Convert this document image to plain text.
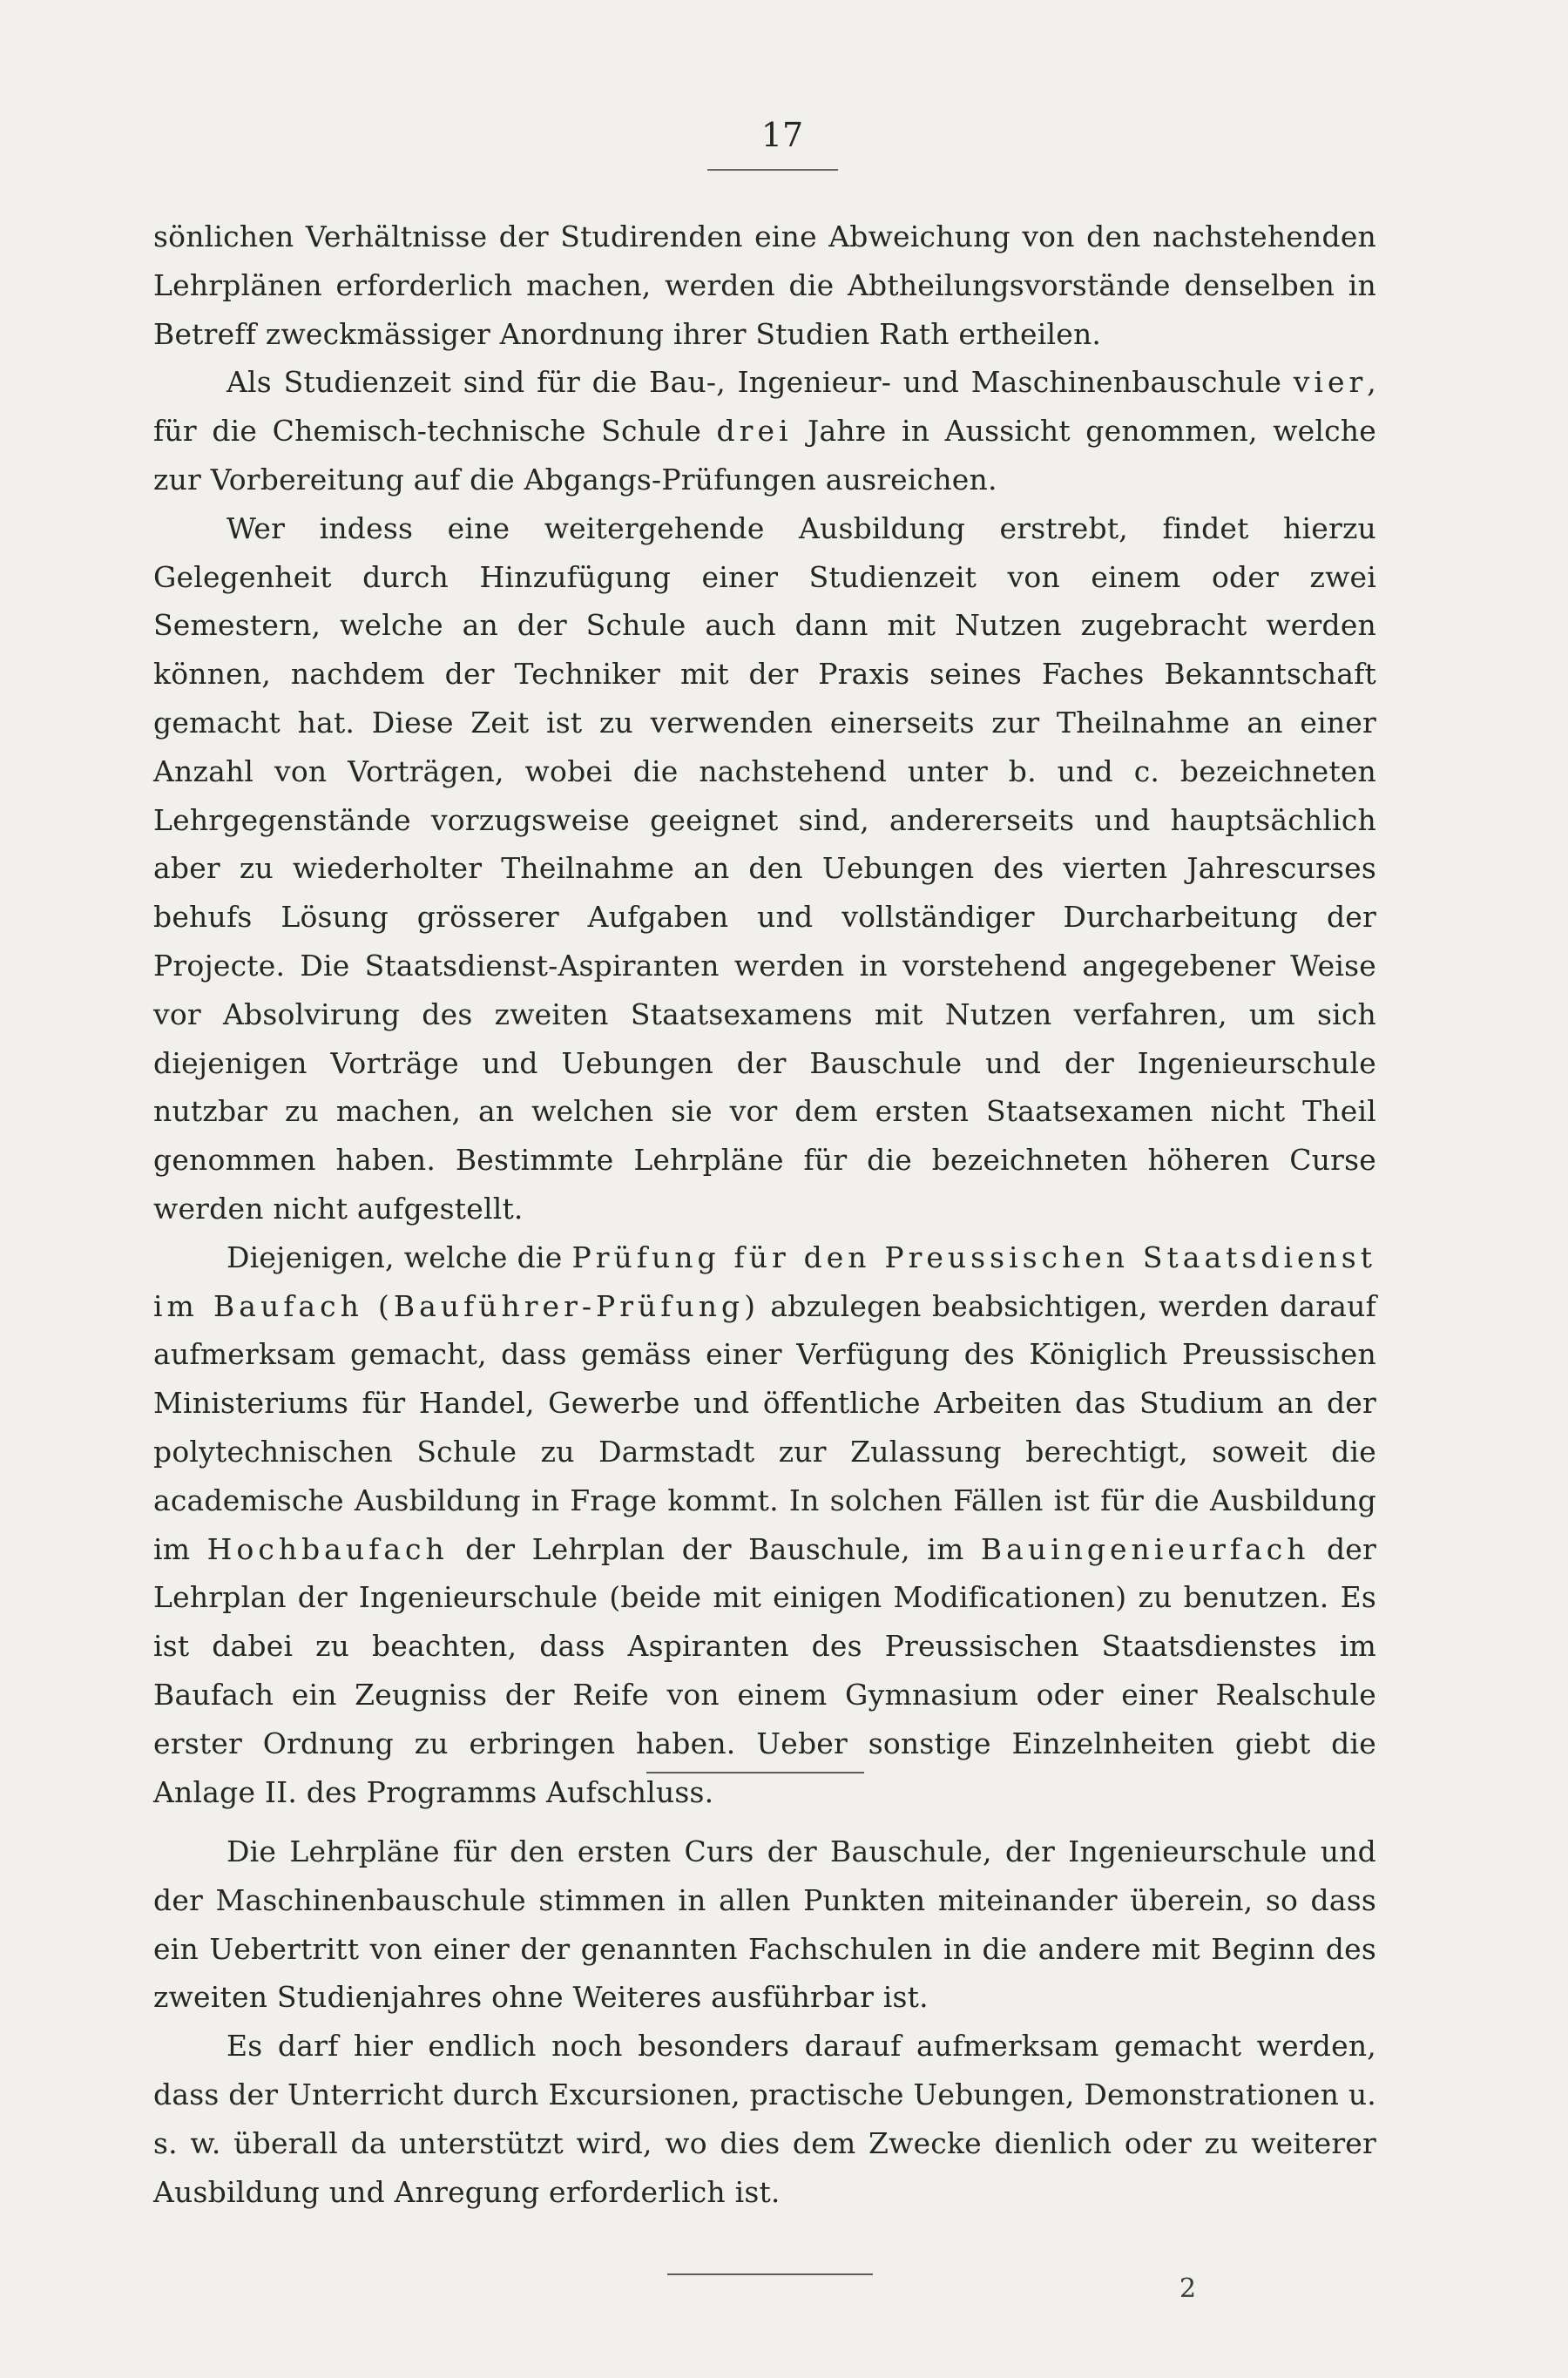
17

sönlichen Verhältnisse der Studirenden eine Abweichung von den nachstehenden Lehrplänen erforderlich machen, werden die Abtheilungsvorstände denselben in Betreff zweckmässiger Anordnung ihrer Studien Rath ertheilen.

Als Studienzeit sind für die Bau-, Ingenieur- und Maschinenbauschule vier, für die Chemisch-technische Schule drei Jahre in Aussicht genommen, welche zur Vorbereitung auf die Abgangs-Prüfungen ausreichen.

Wer indess eine weitergehende Ausbildung erstrebt, findet hierzu Gelegenheit durch Hinzufügung einer Studienzeit von einem oder zwei Semestern, welche an der Schule auch dann mit Nutzen zugebracht werden können, nachdem der Techniker mit der Praxis seines Faches Bekanntschaft gemacht hat. Diese Zeit ist zu verwenden einerseits zur Theilnahme an einer Anzahl von Vorträgen, wobei die nachstehend unter b. und c. bezeichneten Lehrgegenstände vorzugsweise geeignet sind, andererseits und hauptsächlich aber zu wiederholter Theilnahme an den Uebungen des vierten Jahrescurses behufs Lösung grösserer Aufgaben und vollständiger Durcharbeitung der Projecte. Die Staatsdienst-Aspiranten werden in vorstehend angegebener Weise vor Absolvirung des zweiten Staatsexamens mit Nutzen verfahren, um sich diejenigen Vorträge und Uebungen der Bauschule und der Ingenieurschule nutzbar zu machen, an welchen sie vor dem ersten Staatsexamen nicht Theil genommen haben. Bestimmte Lehrpläne für die bezeichneten höheren Curse werden nicht aufgestellt.

Diejenigen, welche die Prüfung für den Preussischen Staatsdienst im Baufach (Bauführer-Prüfung) abzulegen beabsichtigen, werden darauf aufmerksam gemacht, dass gemäss einer Verfügung des Königlich Preussischen Ministeriums für Handel, Gewerbe und öffentliche Arbeiten das Studium an der polytechnischen Schule zu Darmstadt zur Zulassung berechtigt, soweit die academische Ausbildung in Frage kommt. In solchen Fällen ist für die Ausbildung im Hochbaufach der Lehrplan der Bauschule, im Bauingenieurfach der Lehrplan der Ingenieurschule (beide mit einigen Modificationen) zu benutzen. Es ist dabei zu beachten, dass Aspiranten des Preussischen Staatsdienstes im Baufach ein Zeugniss der Reife von einem Gymnasium oder einer Realschule erster Ordnung zu erbringen haben. Ueber sonstige Einzelnheiten giebt die Anlage II. des Programms Aufschluss.

Die Lehrpläne für den ersten Curs der Bauschule, der Ingenieurschule und der Maschinenbauschule stimmen in allen Punkten miteinander überein, so dass ein Uebertritt von einer der genannten Fachschulen in die andere mit Beginn des zweiten Studienjahres ohne Weiteres ausführbar ist.

Es darf hier endlich noch besonders darauf aufmerksam gemacht werden, dass der Unterricht durch Excursionen, practische Uebungen, Demonstrationen u. s. w. überall da unterstützt wird, wo dies dem Zwecke dienlich oder zu weiterer Ausbildung und Anregung erforderlich ist.

2
